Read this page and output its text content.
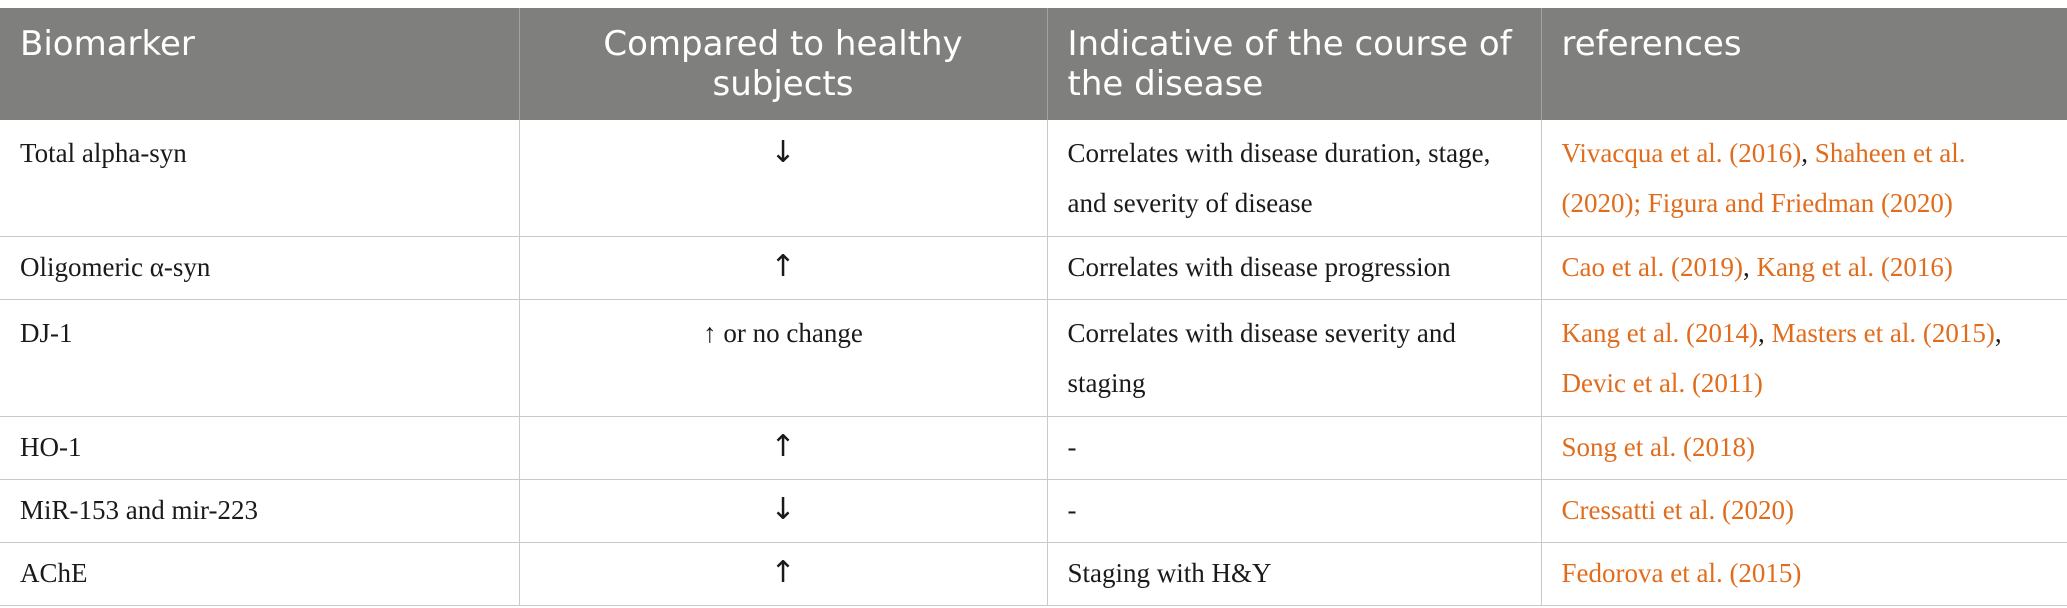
Biomarker	Compared to healthy subjects	Indicative of the course of the disease	references
Total alpha-syn	↓	Correlates with disease duration, stage, and severity of disease	Vivacqua et al. (2016), Shaheen et al. (2020); Figura and Friedman (2020)
Oligomeric α-syn	↑	Correlates with disease progression	Cao et al. (2019), Kang et al. (2016)
DJ-1	↑ or no change	Correlates with disease severity and staging	Kang et al. (2014), Masters et al. (2015), Devic et al. (2011)
HO-1	↑	-	Song et al. (2018)
MiR-153 and mir-223	↓	-	Cressatti et al. (2020)
AChE	↑	Staging with H&Y	Fedorova et al. (2015)
